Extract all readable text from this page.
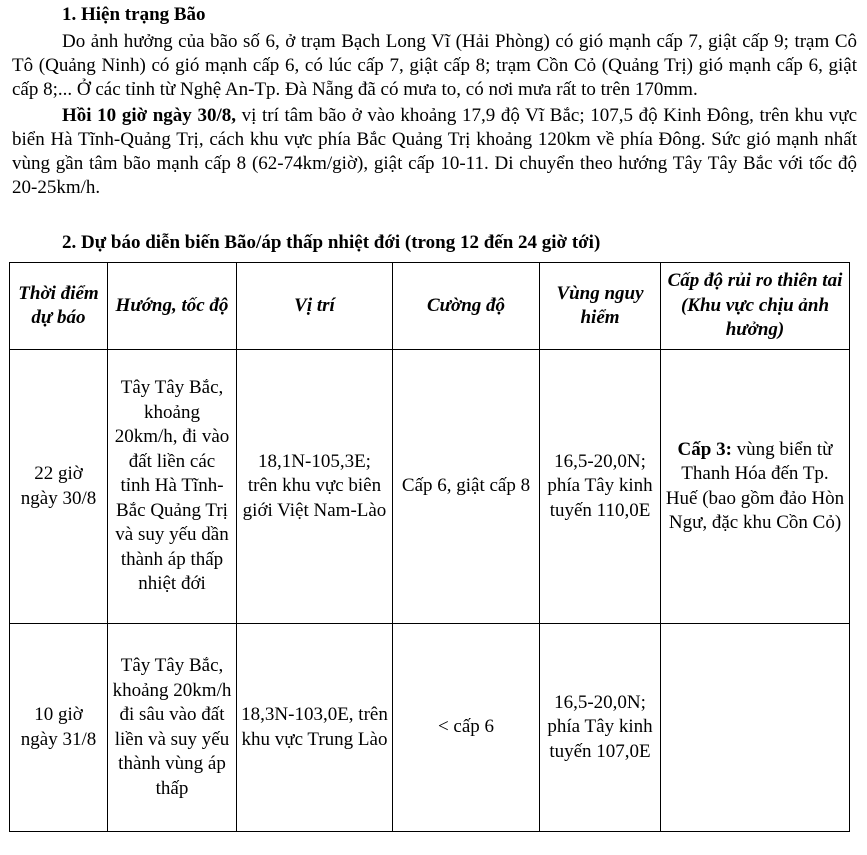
1. Hiện trạng Bão
Do ảnh hưởng của bão số 6, ở trạm Bạch Long Vĩ (Hải Phòng) có gió mạnh cấp 7, giật cấp 9; trạm Cô Tô (Quảng Ninh) có gió mạnh cấp 6, có lúc cấp 7, giật cấp 8; trạm Cồn Cỏ (Quảng Trị) gió mạnh cấp 6, giật cấp 8;... Ở các tỉnh từ Nghệ An-Tp. Đà Nẵng đã có mưa to, có nơi mưa rất to trên 170mm.
Hồi 10 giờ ngày 30/8, vị trí tâm bão ở vào khoảng 17,9 độ Vĩ Bắc; 107,5 độ Kinh Đông, trên khu vực biển Hà Tĩnh-Quảng Trị, cách khu vực phía Bắc Quảng Trị khoảng 120km về phía Đông. Sức gió mạnh nhất vùng gần tâm bão mạnh cấp 8 (62-74km/giờ), giật cấp 10-11. Di chuyển theo hướng Tây Tây Bắc với tốc độ 20-25km/h.
2. Dự báo diễn biến Bão/áp thấp nhiệt đới (trong 12 đến 24 giờ tới)
Thời điểm dự báo	Hướng, tốc độ	Vị trí	Cường độ	Vùng nguy hiểm	Cấp độ rủi ro thiên tai (Khu vực chịu ảnh hưởng)
22 giờ ngày 30/8	Tây Tây Bắc, khoảng 20km/h, đi vào đất liền các tỉnh Hà Tĩnh-Bắc Quảng Trị và suy yếu dần thành áp thấp nhiệt đới	18,1N-105,3E; trên khu vực biên giới Việt Nam-Lào	Cấp 6, giật cấp 8	16,5-20,0N; phía Tây kinh tuyến 110,0E	Cấp 3: vùng biển từ Thanh Hóa đến Tp. Huế (bao gồm đảo Hòn Ngư, đặc khu Cồn Cỏ)
10 giờ ngày 31/8	Tây Tây Bắc, khoảng 20km/h đi sâu vào đất liền và suy yếu thành vùng áp thấp	18,3N-103,0E, trên khu vực Trung Lào	< cấp 6	16,5-20,0N; phía Tây kinh tuyến 107,0E	
